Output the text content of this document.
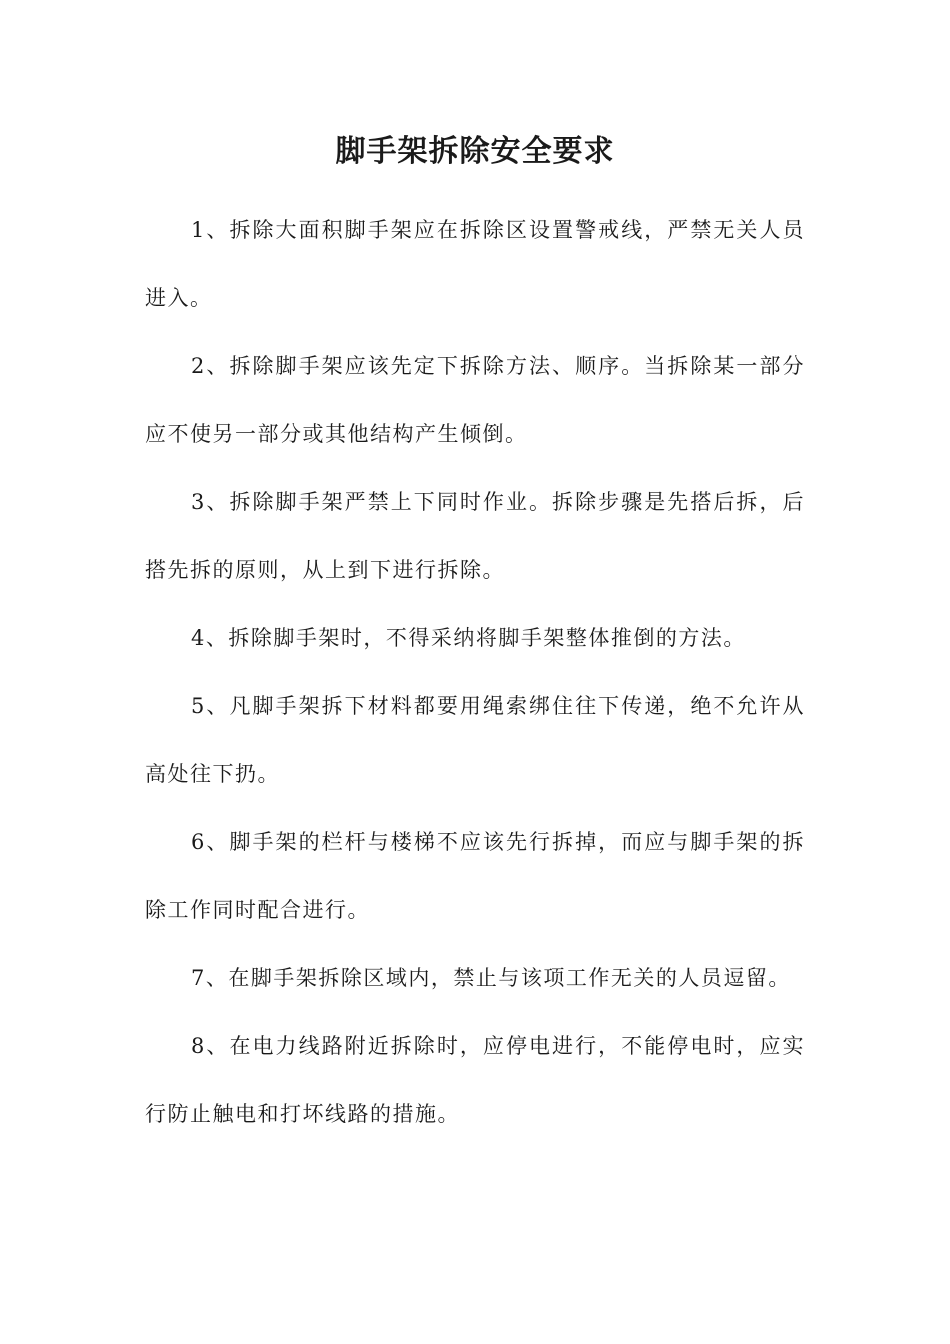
脚手架拆除安全要求

1、拆除大面积脚手架应在拆除区设置警戒线，严禁无关人员进入。

2、拆除脚手架应该先定下拆除方法、顺序。当拆除某一部分应不使另一部分或其他结构产生倾倒。

3、拆除脚手架严禁上下同时作业。拆除步骤是先搭后拆，后搭先拆的原则，从上到下进行拆除。

4、拆除脚手架时，不得采纳将脚手架整体推倒的方法。

5、凡脚手架拆下材料都要用绳索绑住往下传递，绝不允许从高处往下扔。

6、脚手架的栏杆与楼梯不应该先行拆掉，而应与脚手架的拆除工作同时配合进行。

7、在脚手架拆除区域内，禁止与该项工作无关的人员逗留。

8、在电力线路附近拆除时，应停电进行，不能停电时，应实行防止触电和打坏线路的措施。
